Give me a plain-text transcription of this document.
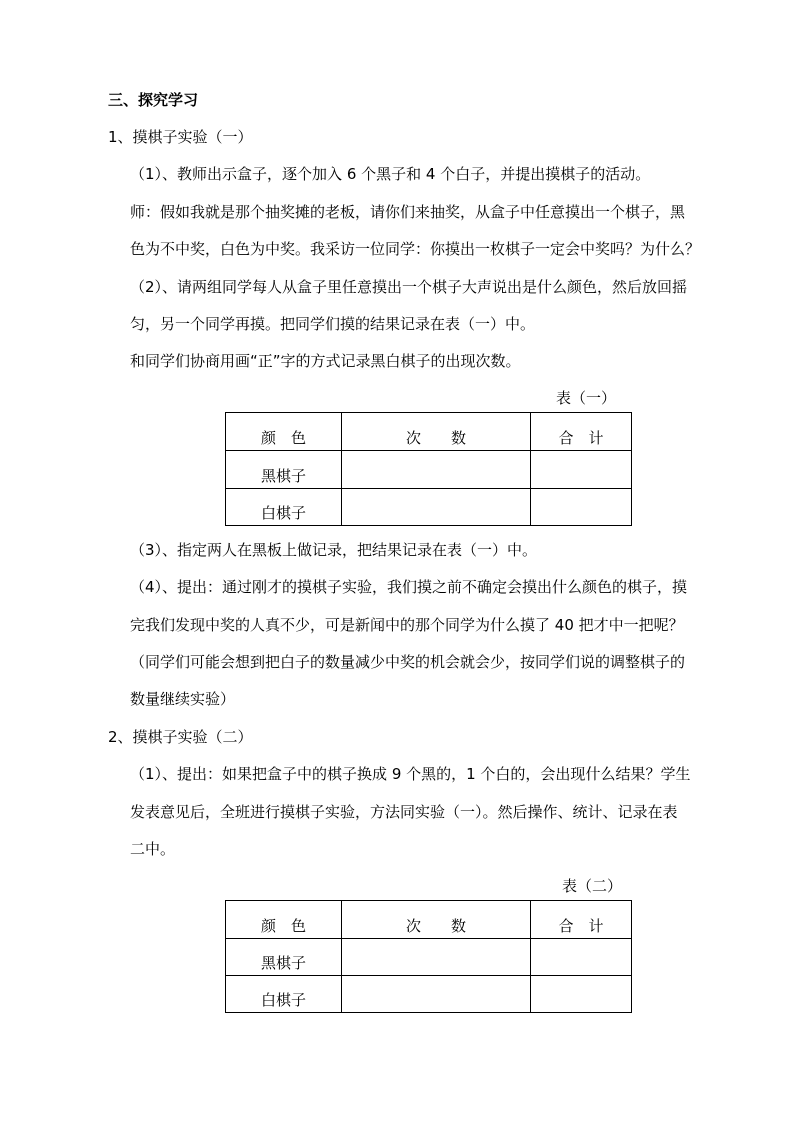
三、探究学习
1、摸棋子实验（一）
（1）、教师出示盒子，逐个加入 6 个黑子和 4 个白子，并提出摸棋子的活动。
师：假如我就是那个抽奖摊的老板，请你们来抽奖，从盒子中任意摸出一个棋子，黑
色为不中奖，白色为中奖。我采访一位同学：你摸出一枚棋子一定会中奖吗？为什么？
（2）、请两组同学每人从盒子里任意摸出一个棋子大声说出是什么颜色，然后放回摇
匀，另一个同学再摸。把同学们摸的结果记录在表（一）中。
和同学们协商用画“正”字的方式记录黑白棋子的出现次数。
表（一）
颜　色	次　　数	合　计
黑棋子		
白棋子		
（3）、指定两人在黑板上做记录，把结果记录在表（一）中。
（4）、提出：通过刚才的摸棋子实验，我们摸之前不确定会摸出什么颜色的棋子，摸
完我们发现中奖的人真不少，可是新闻中的那个同学为什么摸了 40 把才中一把呢？
（同学们可能会想到把白子的数量减少中奖的机会就会少，按同学们说的调整棋子的
数量继续实验）
2、摸棋子实验（二）
（1）、提出：如果把盒子中的棋子换成 9 个黑的，1 个白的，会出现什么结果？学生
发表意见后，全班进行摸棋子实验，方法同实验（一）。然后操作、统计、记录在表
二中。
表（二）
颜　色	次　　数	合　计
黑棋子		
白棋子		
